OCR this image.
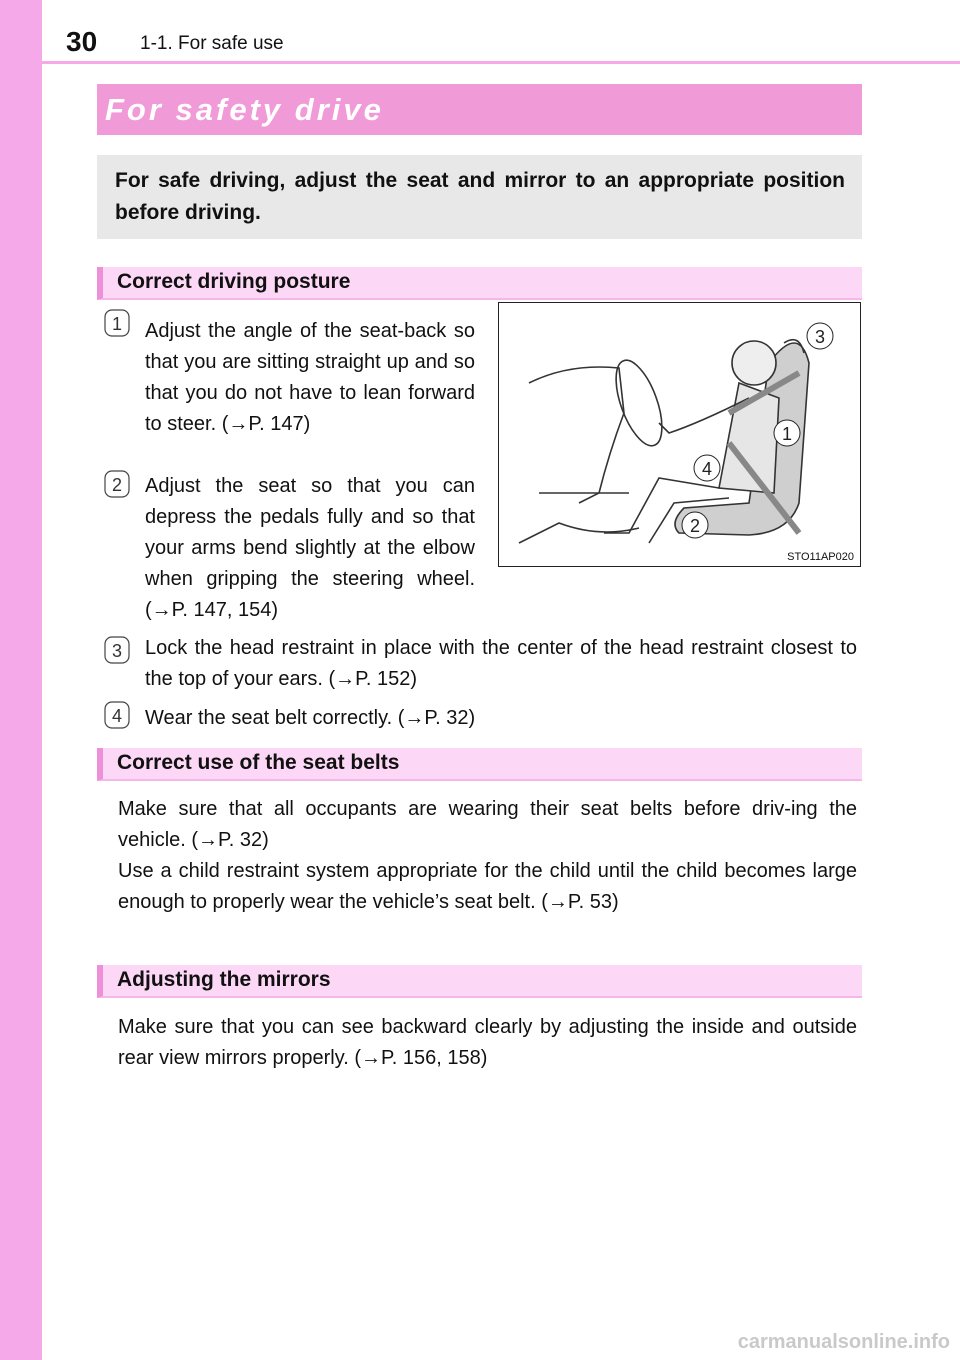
30 1-1. For safe use
For safety drive
For safe driving, adjust the seat and mirror to an appropriate position before driving.
Correct driving posture
1 Adjust the angle of the seat-back so that you are sitting straight up and so that you do not have to lean forward to steer. (→P. 147)
2 Adjust the seat so that you can depress the pedals fully and so that your arms bend slightly at the elbow when gripping the steering wheel. (→P. 147, 154)
3
1
4
2
STO11AP020
3 Lock the head restraint in place with the center of the head restraint closest to the top of your ears. (→P. 152)
4 Wear the seat belt correctly. (→P. 32)
Correct use of the seat belts
Make sure that all occupants are wearing their seat belts before driv-ing the vehicle. (→P. 32)
Use a child restraint system appropriate for the child until the child becomes large enough to properly wear the vehicle’s seat belt. (→P. 53)
Adjusting the mirrors
Make sure that you can see backward clearly by adjusting the inside and outside rear view mirrors properly. (→P. 156, 158)
carmanualsonline.info
